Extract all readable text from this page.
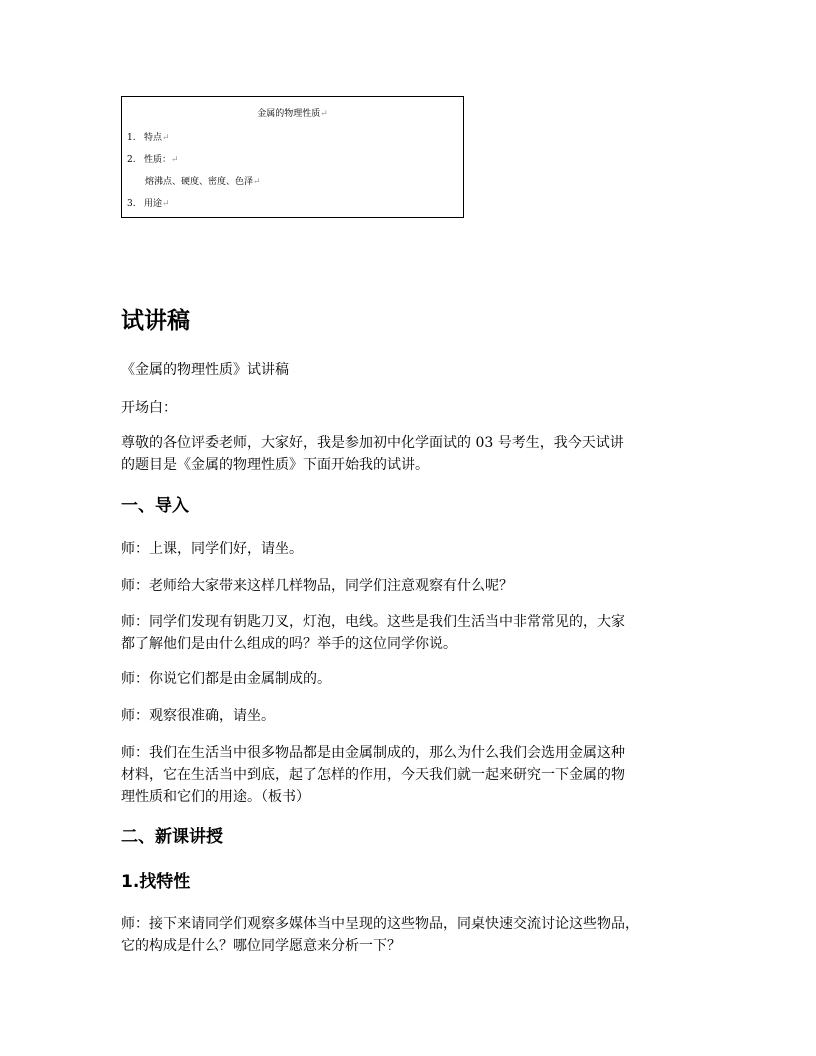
金属的物理性质↵
1. 特点↵
2. 性质：↵
熔沸点、硬度、密度、色泽↵
3. 用途↵
试讲稿

《金属的物理性质》试讲稿

开场白：

尊敬的各位评委老师，大家好，我是参加初中化学面试的 03 号考生，我今天试讲
的题目是《金属的物理性质》下面开始我的试讲。

一、导入

师：上课，同学们好，请坐。

师：老师给大家带来这样几样物品，同学们注意观察有什么呢？

师：同学们发现有钥匙刀叉，灯泡，电线。这些是我们生活当中非常常见的，大家
都了解他们是由什么组成的吗？举手的这位同学你说。

师：你说它们都是由金属制成的。

师：观察很准确，请坐。

师：我们在生活当中很多物品都是由金属制成的，那么为什么我们会选用金属这种
材料，它在生活当中到底，起了怎样的作用，今天我们就一起来研究一下金属的物
理性质和它们的用途。（板书）

二、新课讲授
1.找特性

师：接下来请同学们观察多媒体当中呈现的这些物品，同桌快速交流讨论这些物品，
它的构成是什么？哪位同学愿意来分析一下？
